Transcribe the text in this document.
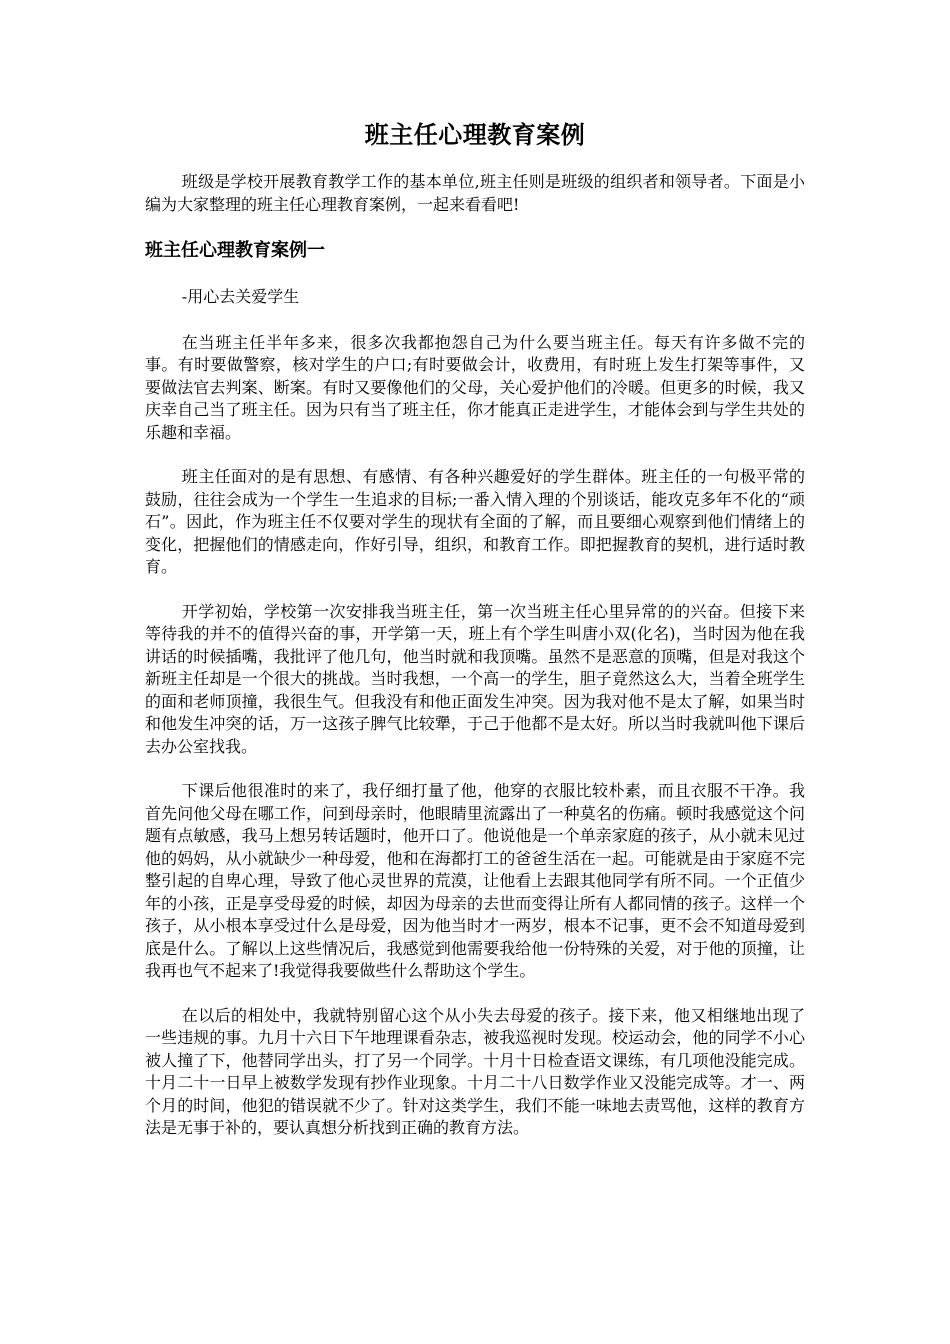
班主任心理教育案例

班级是学校开展教育教学工作的基本单位,班主任则是班级的组织者和领导者。下面是小编为大家整理的班主任心理教育案例，一起来看看吧!

班主任心理教育案例一

-用心去关爱学生

在当班主任半年多来，很多次我都抱怨自己为什么要当班主任。每天有许多做不完的事。有时要做警察，核对学生的户口;有时要做会计，收费用，有时班上发生打架等事件，又要做法官去判案、断案。有时又要像他们的父母，关心爱护他们的冷暖。但更多的时候，我又庆幸自己当了班主任。因为只有当了班主任，你才能真正走进学生，才能体会到与学生共处的乐趣和幸福。

班主任面对的是有思想、有感情、有各种兴趣爱好的学生群体。班主任的一句极平常的鼓励，往往会成为一个学生一生追求的目标;一番入情入理的个别谈话，能攻克多年不化的“顽石”。因此，作为班主任不仅要对学生的现状有全面的了解，而且要细心观察到他们情绪上的变化，把握他们的情感走向，作好引导，组织，和教育工作。即把握教育的契机，进行适时教育。

开学初始，学校第一次安排我当班主任，第一次当班主任心里异常的的兴奋。但接下来等待我的并不的值得兴奋的事，开学第一天，班上有个学生叫唐小双(化名)，当时因为他在我讲话的时候插嘴，我批评了他几句，他当时就和我顶嘴。虽然不是恶意的顶嘴，但是对我这个新班主任却是一个很大的挑战。当时我想，一个高一的学生，胆子竟然这么大，当着全班学生的面和老师顶撞，我很生气。但我没有和他正面发生冲突。因为我对他不是太了解，如果当时和他发生冲突的话，万一这孩子脾气比较犟，于己于他都不是太好。所以当时我就叫他下课后去办公室找我。

下课后他很准时的来了，我仔细打量了他，他穿的衣服比较朴素，而且衣服不干净。我首先问他父母在哪工作，问到母亲时，他眼睛里流露出了一种莫名的伤痛。顿时我感觉这个问题有点敏感，我马上想另转话题时，他开口了。他说他是一个单亲家庭的孩子，从小就未见过他的妈妈，从小就缺少一种母爱，他和在海都打工的爸爸生活在一起。可能就是由于家庭不完整引起的自卑心理，导致了他心灵世界的荒漠，让他看上去跟其他同学有所不同。一个正值少年的小孩，正是享受母爱的时候，却因为母亲的去世而变得让所有人都同情的孩子。这样一个孩子，从小根本享受过什么是母爱，因为他当时才一两岁，根本不记事，更不会不知道母爱到底是什么。了解以上这些情况后，我感觉到他需要我给他一份特殊的关爱，对于他的顶撞，让我再也气不起来了!我觉得我要做些什么帮助这个学生。

在以后的相处中，我就特别留心这个从小失去母爱的孩子。接下来，他又相继地出现了一些违规的事。九月十六日下午地理课看杂志，被我巡视时发现。校运动会，他的同学不小心被人撞了下，他替同学出头，打了另一个同学。十月十日检查语文课练，有几项他没能完成。十月二十一日早上被数学发现有抄作业现象。十月二十八日数学作业又没能完成等。才一、两个月的时间，他犯的错误就不少了。针对这类学生，我们不能一味地去责骂他，这样的教育方法是无事于补的，要认真想分析找到正确的教育方法。
